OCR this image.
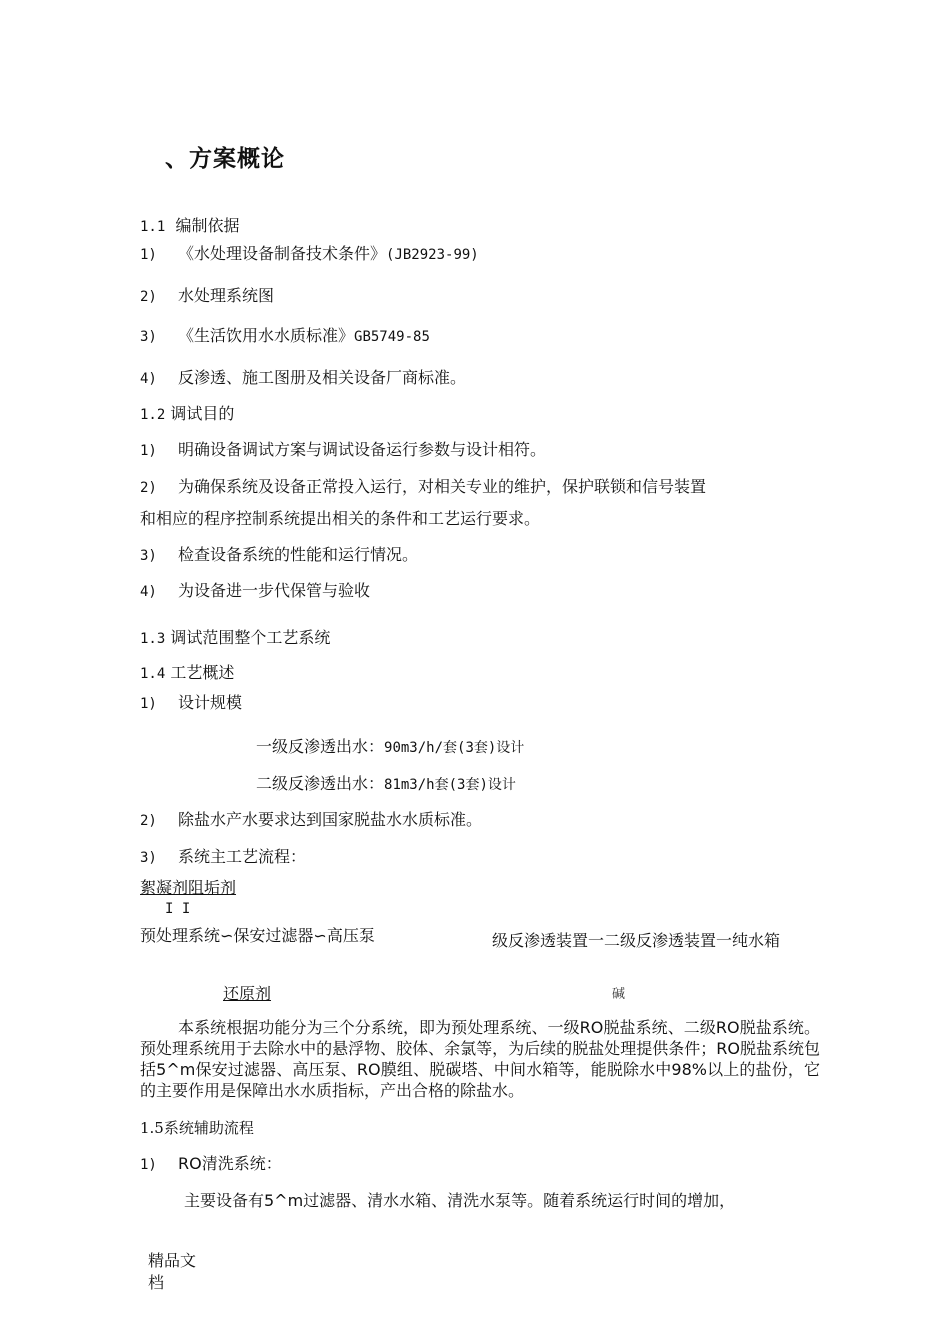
、方案概论
1.1 编制依据
1) 《水处理设备制备技术条件》(JB2923-99)
2) 水处理系统图
3) 《生活饮用水水质标准》GB5749-85
4) 反渗透、施工图册及相关设备厂商标准。
1.2 调试目的
1) 明确设备调试方案与调试设备运行参数与设计相符。
2) 为确保系统及设备正常投入运行，对相关专业的维护，保护联锁和信号装置
和相应的程序控制系统提出相关的条件和工艺运行要求。
3) 检查设备系统的性能和运行情况。
4) 为设备进一步代保管与验收
1.3 调试范围整个工艺系统
1.4 工艺概述
1) 设计规模
一级反渗透出水：90m3/h/套(3套)设计
二级反渗透出水：81m3/h套(3套)设计
2) 除盐水产水要求达到国家脱盐水水质标准。
3) 系统主工艺流程：
絮凝剂阻垢剂
I I
预处理系统∽保安过滤器∽高压泵	级反渗透装置一二级反渗透装置一纯水箱
还原剂	碱
本系统根据功能分为三个分系统，即为预处理系统、一级RO脱盐系统、二级RO脱盐系统。预处理系统用于去除水中的悬浮物、胶体、余氯等，为后续的脱盐处理提供条件；RO脱盐系统包括5^m保安过滤器、高压泵、RO膜组、脱碳塔、中间水箱等，能脱除水中98%以上的盐份，它的主要作用是保障出水水质指标，产出合格的除盐水。
1.5系统辅助流程
1) RO清洗系统：
主要设备有5^m过滤器、清水水箱、清洗水泵等。随着系统运行时间的增加，
精品文
档
